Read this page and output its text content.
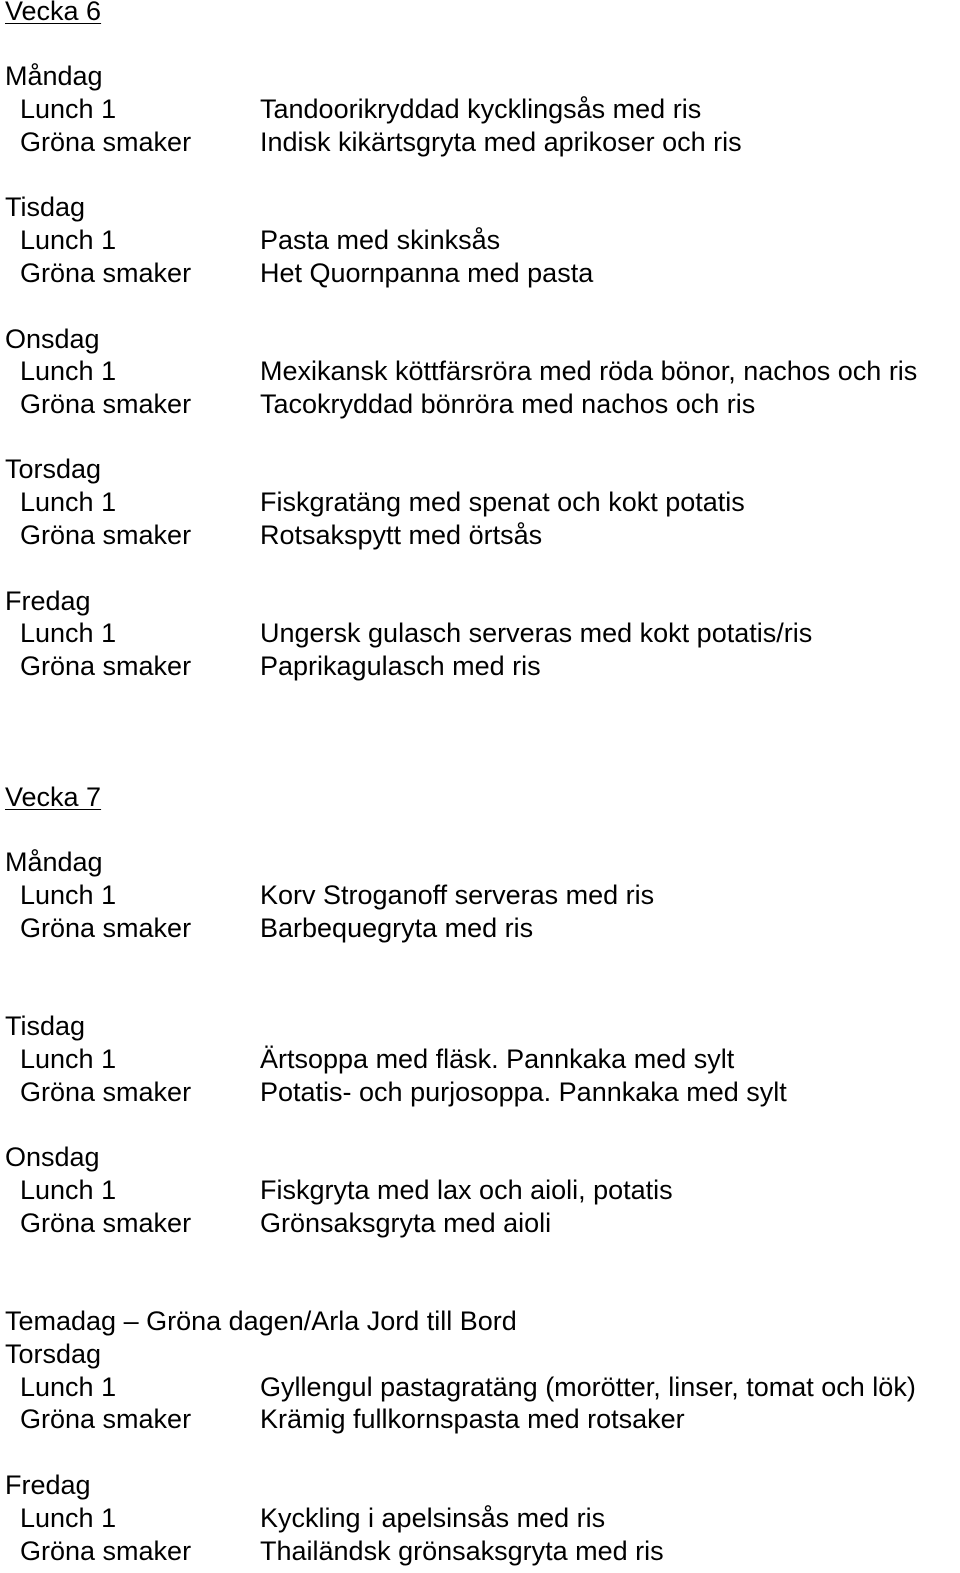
Vecka 6
Måndag
Lunch 1	Tandoorikryddad kycklingsås med ris
Gröna smaker	Indisk kikärtsgryta med aprikoser och ris
Tisdag
Lunch 1	Pasta med skinksås
Gröna smaker	Het Quornpanna med pasta
Onsdag
Lunch 1	Mexikansk köttfärsröra med röda bönor, nachos och ris
Gröna smaker	Tacokryddad bönröra med nachos och ris
Torsdag
Lunch 1	Fiskgratäng med spenat och kokt potatis
Gröna smaker	Rotsakspytt med örtsås
Fredag
Lunch 1	Ungersk gulasch serveras med kokt potatis/ris
Gröna smaker	Paprikagulasch med ris
Vecka 7
Måndag
Lunch 1	Korv Stroganoff serveras med ris
Gröna smaker	Barbequegryta med ris
Tisdag
Lunch 1	Ärtsoppa med fläsk. Pannkaka med sylt
Gröna smaker	Potatis- och purjosoppa. Pannkaka med sylt
Onsdag
Lunch 1	Fiskgryta med lax och aioli, potatis
Gröna smaker	Grönsaksgryta med aioli
Temadag – Gröna dagen/Arla Jord till Bord
Torsdag
Lunch 1	Gyllengul pastagratäng (morötter, linser, tomat och lök)
Gröna smaker	Krämig fullkornspasta med rotsaker
Fredag
Lunch 1	Kyckling i apelsinsås med ris
Gröna smaker	Thailändsk grönsaksgryta med ris
